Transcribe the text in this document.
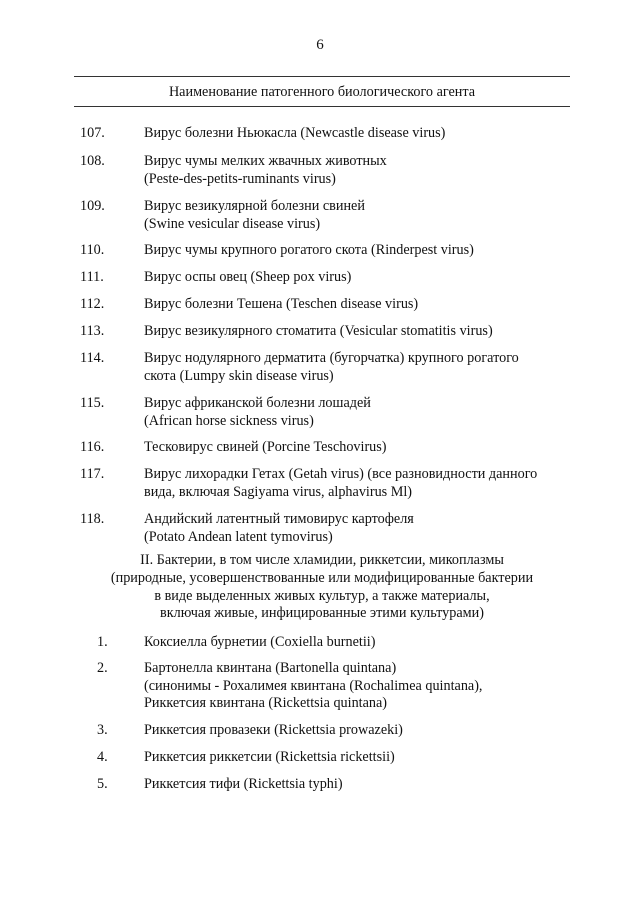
6
Наименование патогенного биологического агента
107.	Вирус болезни Ньюкасла (Newcastle disease virus)
108.	Вирус чумы мелких жвачных животных
(Peste-des-petits-ruminants virus)
109.	Вирус везикулярной болезни свиней
(Swine vesicular disease virus)
110.	Вирус чумы крупного рогатого скота (Rinderpest virus)
111.	Вирус оспы овец (Sheep pox virus)
112.	Вирус болезни Тешена (Teschen disease virus)
113.	Вирус везикулярного стоматита (Vesicular stomatitis virus)
114.	Вирус нодулярного дерматита (бугорчатка) крупного рогатого
скота (Lumpy skin disease virus)
115.	Вирус африканской болезни лошадей
(African horse sickness virus)
116.	Тесковирус свиней (Porcine Teschovirus)
117.	Вирус лихорадки Гетах (Getah virus) (все разновидности данного
вида, включая Sagiyama virus, alphavirus Ml)
118.	Андийский латентный тимовирус картофеля
(Potato Andean latent tymovirus)
II. Бактерии, в том числе хламидии, риккетсии, микоплазмы
(природные, усовершенствованные или модифицированные бактерии
в виде выделенных живых культур, а также материалы,
включая живые, инфицированные этими культурами)
1.	Коксиелла бурнетии (Coxiella burnetii)
2.	Бартонелла квинтана (Bartonella quintana)
(синонимы - Рохалимея квинтана (Rochalimea quintana),
Риккетсия квинтана (Rickettsia quintana)
3.	Риккетсия провазеки (Rickettsia prowazeki)
4.	Риккетсия риккетсии (Rickettsia rickettsii)
5.	Риккетсия тифи (Rickettsia typhi)
